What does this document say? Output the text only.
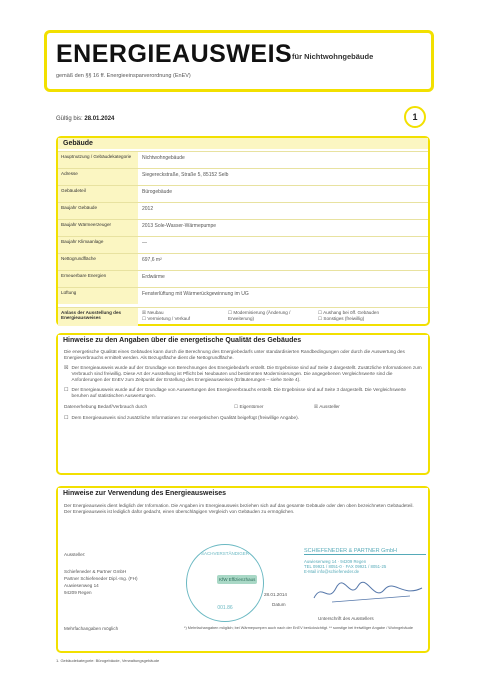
ENERGIEAUSWEIS für Nichtwohngebäude
gemäß den §§ 16 ff. Energieeinsparverordnung (EnEV)
Gültig bis: 28.01.2024	1
Gebäude
Hauptnutzung / Gebäudekategorie	Nichtwohngebäude
Adresse	Siegereckstraße, Straße 5, 85152 Selb
Gebäudeteil	Bürogebäude
Baujahr Gebäude	2012
Baujahr Wärmeerzeuger	2013 Sole-Wasser-Wärmepumpe
Baujahr Klimaanlage	—
Nettogrundfläche	697,6 m²
Erneuerbare Energien	Erdwärme
Lüftung	Fensterlüftung mit Wärmerückgewinnung im UG
Anlass der Ausstellung des Energieausweises
☒ Neubau
☐ Vermietung / Verkauf
☐ Modernisierung (Änderung / Erweiterung)
☐ Aushang bei öff. Gebäuden
☐ Sonstiges (freiwillig)
Hinweise zu den Angaben über die energetische Qualität des Gebäudes
Die energetische Qualität eines Gebäudes kann durch die Berechnung des Energiebedarfs unter standardisierten Randbedingungen oder durch die Auswertung des Energieverbrauchs ermittelt werden. Als Bezugsfläche dient die Nettogrundfläche.
☒ Der Energieausweis wurde auf der Grundlage von Berechnungen des Energiebedarfs erstellt. Die Ergebnisse sind auf Seite 2 dargestellt. Zusätzliche Informationen zum Verbrauch sind freiwillig. Diese Art der Ausstellung ist Pflicht bei Neubauten und bestimmten Modernisierungen. Die angegebenen Vergleichswerte sind die Anforderungen der EnEV zum Zeitpunkt der Erstellung des Energieausweises (Erläuterungen – siehe Seite 4).
☐ Der Energieausweis wurde auf der Grundlage von Auswertungen des Energieverbrauchs erstellt. Die Ergebnisse sind auf Seite 3 dargestellt. Die Vergleichswerte beruhen auf statistischen Auswertungen.
Datenerhebung Bedarf/Verbrauch durch	☐ Eigentümer	☒ Aussteller
☐ Dem Energieausweis sind zusätzliche Informationen zur energetischen Qualität beigefügt (freiwillige Angabe).
Hinweise zur Verwendung des Energieausweises
Der Energieausweis dient lediglich der Information. Die Angaben im Energieausweis beziehen sich auf das gesamte Gebäude oder den oben bezeichneten Gebäudeteil. Der Energieausweis ist lediglich dafür gedacht, einen überschlägigen Vergleich von Gebäuden zu ermöglichen.
Aussteller:
Schiefeneder & Partner GmbH
Partner Schiefeneder Dipl.-Ing. (FH)
Auwiesenweg 14
94209 Regen
SACHVERSTÄNDIGER
KfW Effizienzhaus
001.86
28.01.2014
Datum
SCHIEFENEDER & PARTNER GmbH
Auwiesenweg 14 · 94209 Regen
TEL 09921 / 8051-0 · FAX 09921 / 8051-25
E-Mail info@schiefeneder.de
Unterschrift des Ausstellers
Mehrfachangaben möglich	*) Mehrfachangaben möglich; bei Wärmepumpen auch nach der EnEV berücksichtigt. ** sonstige bei freiwilliger Angabe / Wohngebäude
1. Gebäudekategorie: Bürogebäude, Verwaltungsgebäude
